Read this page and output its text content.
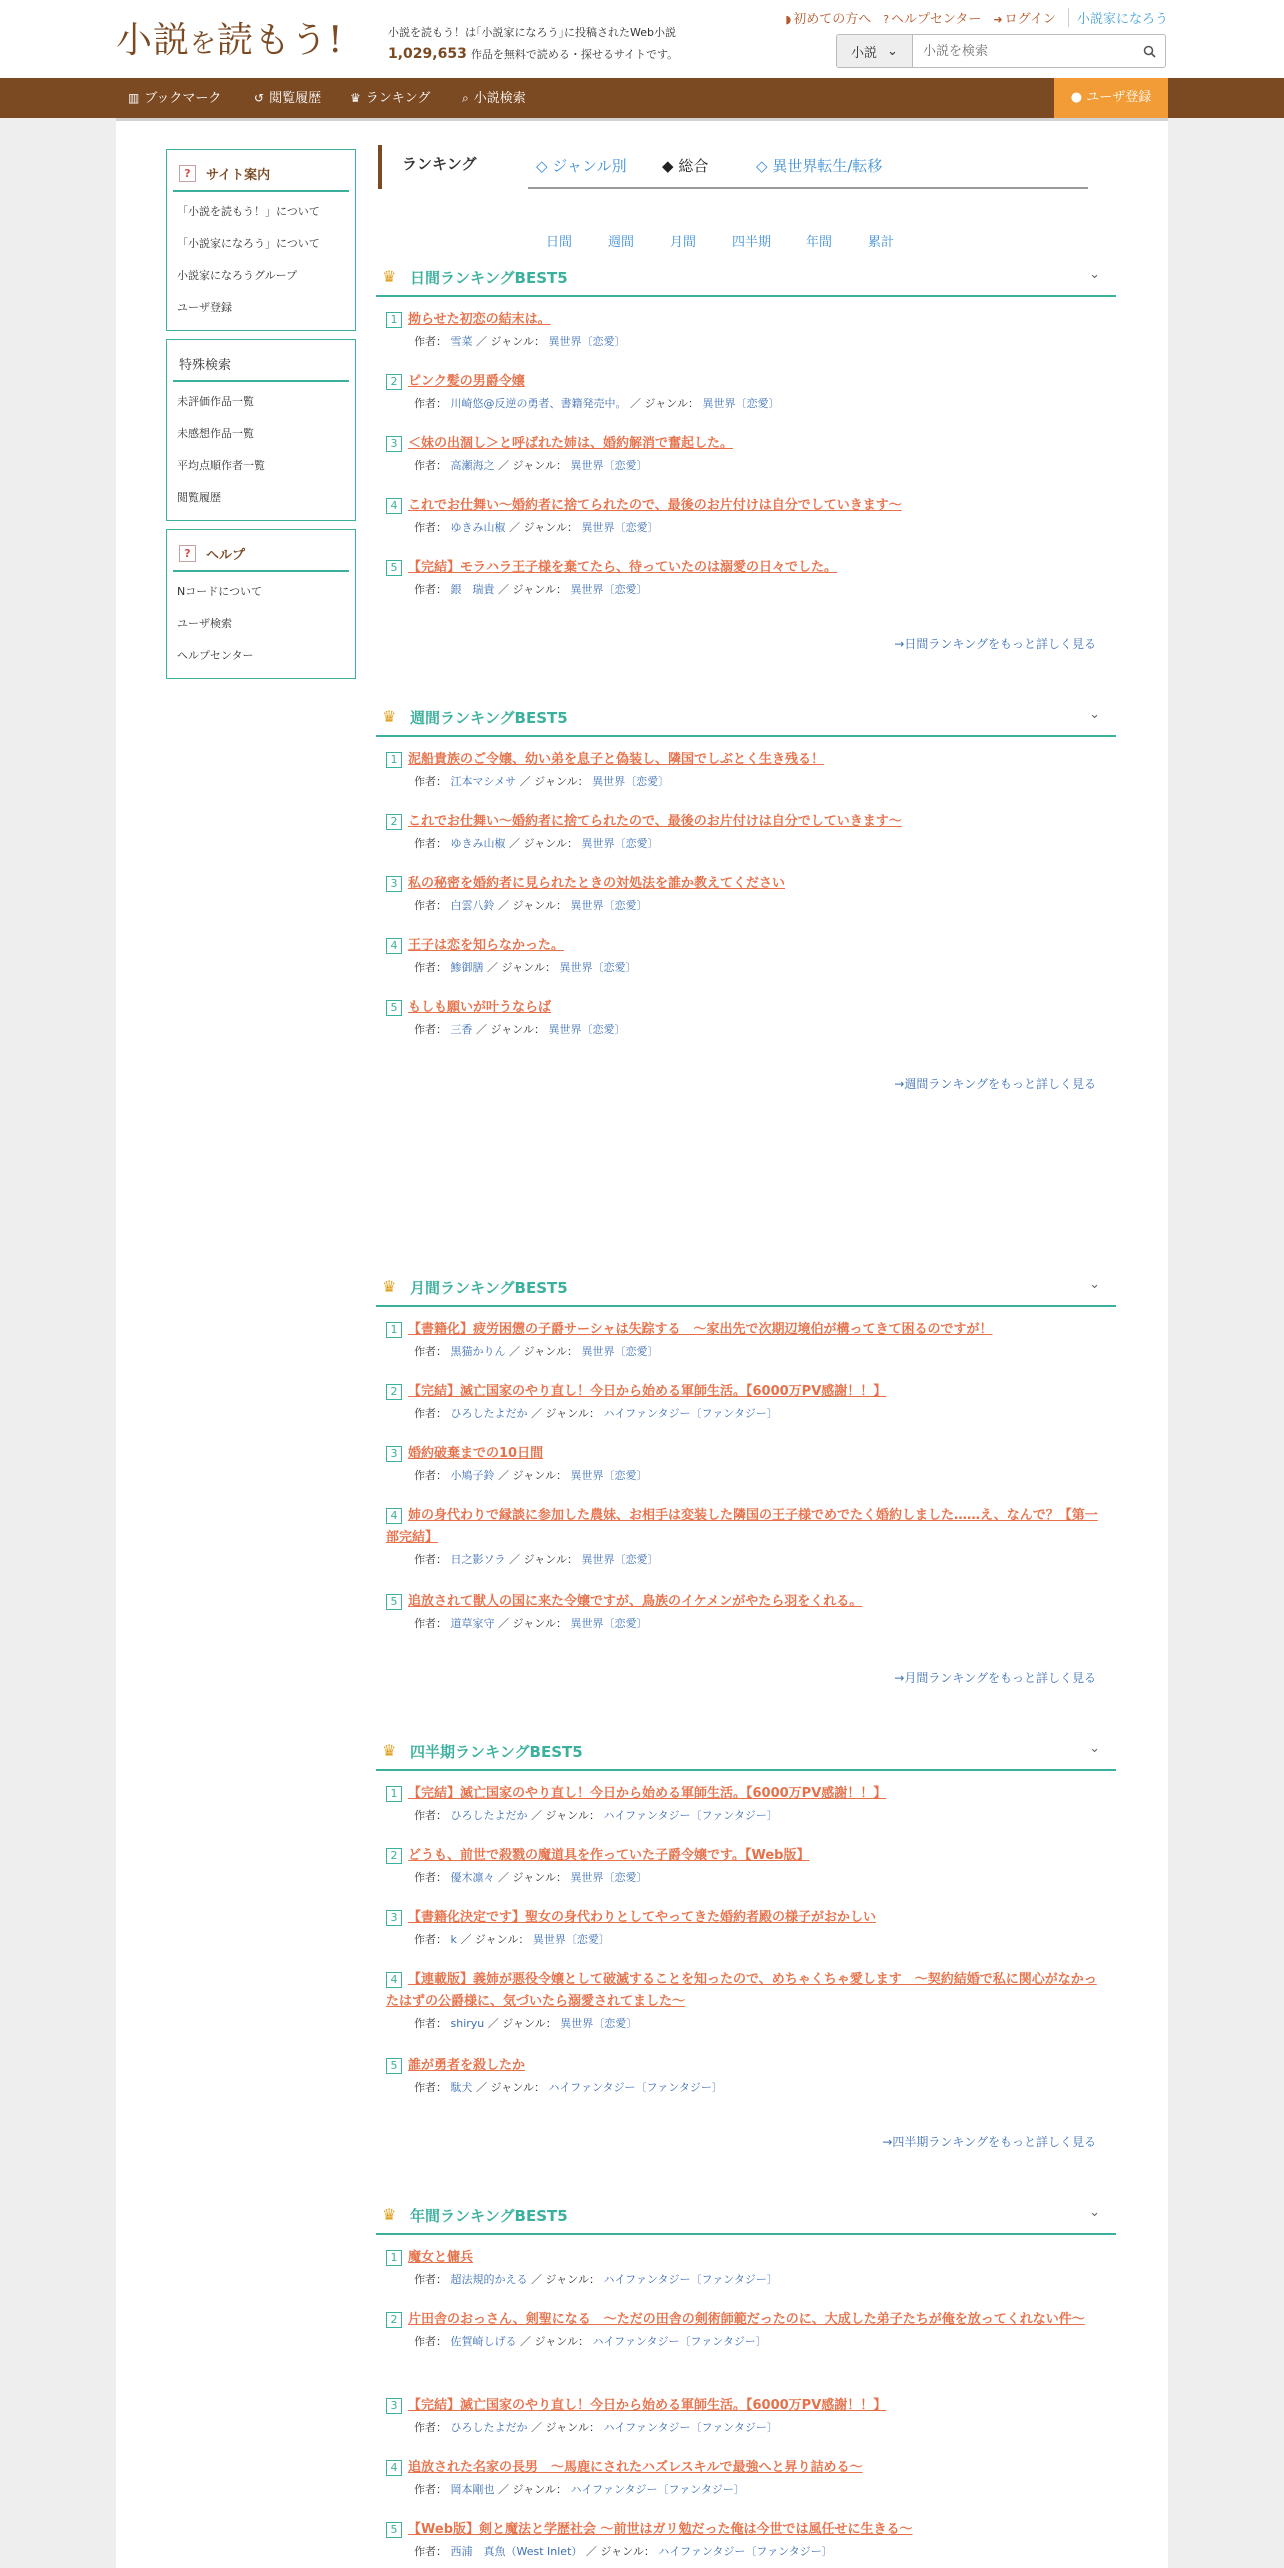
小説を読もう!	小説を読もう！は｢小説家になろう｣に投稿されたWeb小説
1,029,653 作品を無料で読める・探せるサイトです。
◗ 初めての方へ ? ヘルプセンター ➜ ログイン	小説家になろう
小説 ⌄
小説を検索
▥ ブックマーク	↺ 閲覧履歴 ♛ ランキング	⌕ 小説検索	● ユーザ登録
?	サイト案内
「小説を読もう！」について
「小説家になろう」について
小説家になろうグループ
ユーザ登録
特殊検索
未評価作品一覧
未感想作品一覧
平均点順作者一覧
閲覧履歴
?	ヘルプ
Nコードについて
ユーザ検索
ヘルプセンター
ランキング	◇ ジャンル別 ◆ 総合	◇ 異世界転生/転移
日間	週間	月間	四半期	年間	累計
♛ 日間ランキングBEST5	⌄
1 拗らせた初恋の結末は。
作者： 雪菜 ／ ジャンル： 異世界〔恋愛〕
2 ピンク髪の男爵令嬢
作者： 川崎悠@反逆の勇者、書籍発売中。 ／ ジャンル： 異世界〔恋愛〕
3 ＜妹の出涸し＞と呼ばれた姉は、婚約解消で奮起した。
作者： 高瀬海之 ／ ジャンル： 異世界〔恋愛〕
4 これでお仕舞い～婚約者に捨てられたので、最後のお片付けは自分でしていきます～
作者： ゆきみ山椒 ／ ジャンル： 異世界〔恋愛〕
5 【完結】モラハラ王子様を棄てたら、待っていたのは溺愛の日々でした。
作者： 銀　瑞貴 ／ ジャンル： 異世界〔恋愛〕
→日間ランキングをもっと詳しく見る
♛ 週間ランキングBEST5	⌄
1 泥船貴族のご令嬢、幼い弟を息子と偽装し、隣国でしぶとく生き残る！
作者： 江本マシメサ ／ ジャンル： 異世界〔恋愛〕
2 これでお仕舞い～婚約者に捨てられたので、最後のお片付けは自分でしていきます～
作者： ゆきみ山椒 ／ ジャンル： 異世界〔恋愛〕
3 私の秘密を婚約者に見られたときの対処法を誰か教えてください
作者： 白雲八鈴 ／ ジャンル： 異世界〔恋愛〕
4 王子は恋を知らなかった。
作者： 鯵御膳 ／ ジャンル： 異世界〔恋愛〕
5 もしも願いが叶うならば
作者： 三香 ／ ジャンル： 異世界〔恋愛〕
→週間ランキングをもっと詳しく見る
♛ 月間ランキングBEST5	⌄
1 【書籍化】疲労困憊の子爵サーシャは失踪する　～家出先で次期辺境伯が構ってきて困るのですが！
作者： 黒猫かりん ／ ジャンル： 異世界〔恋愛〕
2 【完結】滅亡国家のやり直し！今日から始める軍師生活。【6000万PV感謝！！】
作者： ひろしたよだか ／ ジャンル： ハイファンタジー〔ファンタジー〕
3 婚約破棄までの10日間
作者： 小鳩子鈴 ／ ジャンル： 異世界〔恋愛〕
4 姉の身代わりで縁談に参加した農妹、お相手は変装した隣国の王子様でめでたく婚約しました……え、なんで？【第一部完結】
作者： 日之影ソラ ／ ジャンル： 異世界〔恋愛〕
5 追放されて獣人の国に来た令嬢ですが、鳥族のイケメンがやたら羽をくれる。
作者： 道草家守 ／ ジャンル： 異世界〔恋愛〕
→月間ランキングをもっと詳しく見る
♛ 四半期ランキングBEST5	⌄
1 【完結】滅亡国家のやり直し！今日から始める軍師生活。【6000万PV感謝！！】
作者： ひろしたよだか ／ ジャンル： ハイファンタジー〔ファンタジー〕
2 どうも、前世で殺戮の魔道具を作っていた子爵令嬢です。【Web版】
作者： 優木凛々 ／ ジャンル： 異世界〔恋愛〕
3 【書籍化決定です】聖女の身代わりとしてやってきた婚約者殿の様子がおかしい
作者： k ／ ジャンル： 異世界〔恋愛〕
4 【連載版】義姉が悪役令嬢として破滅することを知ったので、めちゃくちゃ愛します　～契約結婚で私に関心がなかったはずの公爵様に、気づいたら溺愛されてました～
作者： shiryu ／ ジャンル： 異世界〔恋愛〕
5 誰が勇者を殺したか
作者： 駄犬 ／ ジャンル： ハイファンタジー〔ファンタジー〕
→四半期ランキングをもっと詳しく見る
♛ 年間ランキングBEST5	⌄
1 魔女と傭兵
作者： 超法規的かえる ／ ジャンル： ハイファンタジー〔ファンタジー〕
2 片田舎のおっさん、剣聖になる　～ただの田舎の剣術師範だったのに、大成した弟子たちが俺を放ってくれない件～
作者： 佐賀崎しげる ／ ジャンル： ハイファンタジー〔ファンタジー〕
3 【完結】滅亡国家のやり直し！今日から始める軍師生活。【6000万PV感謝！！】
作者： ひろしたよだか ／ ジャンル： ハイファンタジー〔ファンタジー〕
4 追放された名家の長男　～馬鹿にされたハズレスキルで最強へと昇り詰める～
作者： 岡本剛也 ／ ジャンル： ハイファンタジー〔ファンタジー〕
5 【Web版】剣と魔法と学歴社会 ～前世はガリ勉だった俺は今世では風任せに生きる～
作者： 西浦　真魚（West Inlet） ／ ジャンル： ハイファンタジー〔ファンタジー〕
